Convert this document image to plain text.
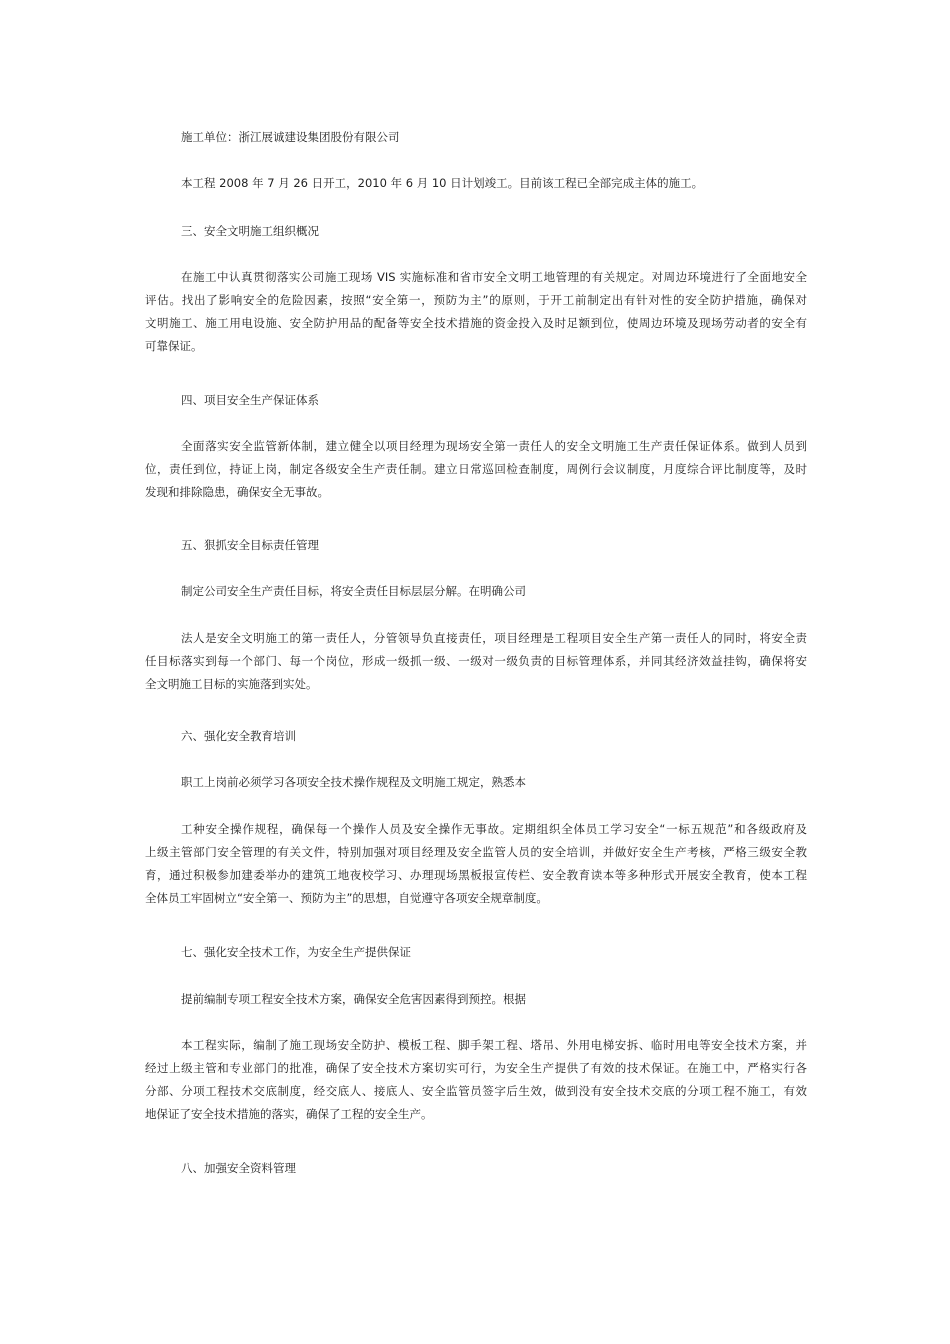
施工单位：浙江展诚建设集团股份有限公司

本工程 2008 年 7 月 26 日开工，2010 年 6 月 10 日计划竣工。目前该工程已全部完成主体的施工。

三、安全文明施工组织概况

在施工中认真贯彻落实公司施工现场 VIS 实施标准和省市安全文明工地管理的有关规定。对周边环境进行了全面地安全
评估。找出了影响安全的危险因素，按照“安全第一，预防为主”的原则，于开工前制定出有针对性的安全防护措施，确保对
文明施工、施工用电设施、安全防护用品的配备等安全技术措施的资金投入及时足额到位，使周边环境及现场劳动者的安全有
可靠保证。

四、项目安全生产保证体系

全面落实安全监管新体制，建立健全以项目经理为现场安全第一责任人的安全文明施工生产责任保证体系。做到人员到
位，责任到位，持证上岗，制定各级安全生产责任制。建立日常巡回检查制度，周例行会议制度，月度综合评比制度等，及时
发现和排除隐患，确保安全无事故。

五、狠抓安全目标责任管理

制定公司安全生产责任目标，将安全责任目标层层分解。在明确公司

法人是安全文明施工的第一责任人，分管领导负直接责任，项目经理是工程项目安全生产第一责任人的同时，将安全责
任目标落实到每一个部门、每一个岗位，形成一级抓一级、一级对一级负责的目标管理体系，并同其经济效益挂钩，确保将安
全文明施工目标的实施落到实处。

六、强化安全教育培训

职工上岗前必须学习各项安全技术操作规程及文明施工规定，熟悉本

工种安全操作规程，确保每一个操作人员及安全操作无事故。定期组织全体员工学习安全“一标五规范”和各级政府及
上级主管部门安全管理的有关文件，特别加强对项目经理及安全监管人员的安全培训，并做好安全生产考核，严格三级安全教
育，通过积极参加建委举办的建筑工地夜校学习、办理现场黑板报宣传栏、安全教育读本等多种形式开展安全教育，使本工程
全体员工牢固树立“安全第一、预防为主”的思想，自觉遵守各项安全规章制度。

七、强化安全技术工作，为安全生产提供保证

提前编制专项工程安全技术方案，确保安全危害因素得到预控。根据

本工程实际，编制了施工现场安全防护、模板工程、脚手架工程、塔吊、外用电梯安拆、临时用电等安全技术方案，并
经过上级主管和专业部门的批准，确保了安全技术方案切实可行，为安全生产提供了有效的技术保证。在施工中，严格实行各
分部、分项工程技术交底制度，经交底人、接底人、安全监管员签字后生效，做到没有安全技术交底的分项工程不施工，有效
地保证了安全技术措施的落实，确保了工程的安全生产。

八、加强安全资料管理
